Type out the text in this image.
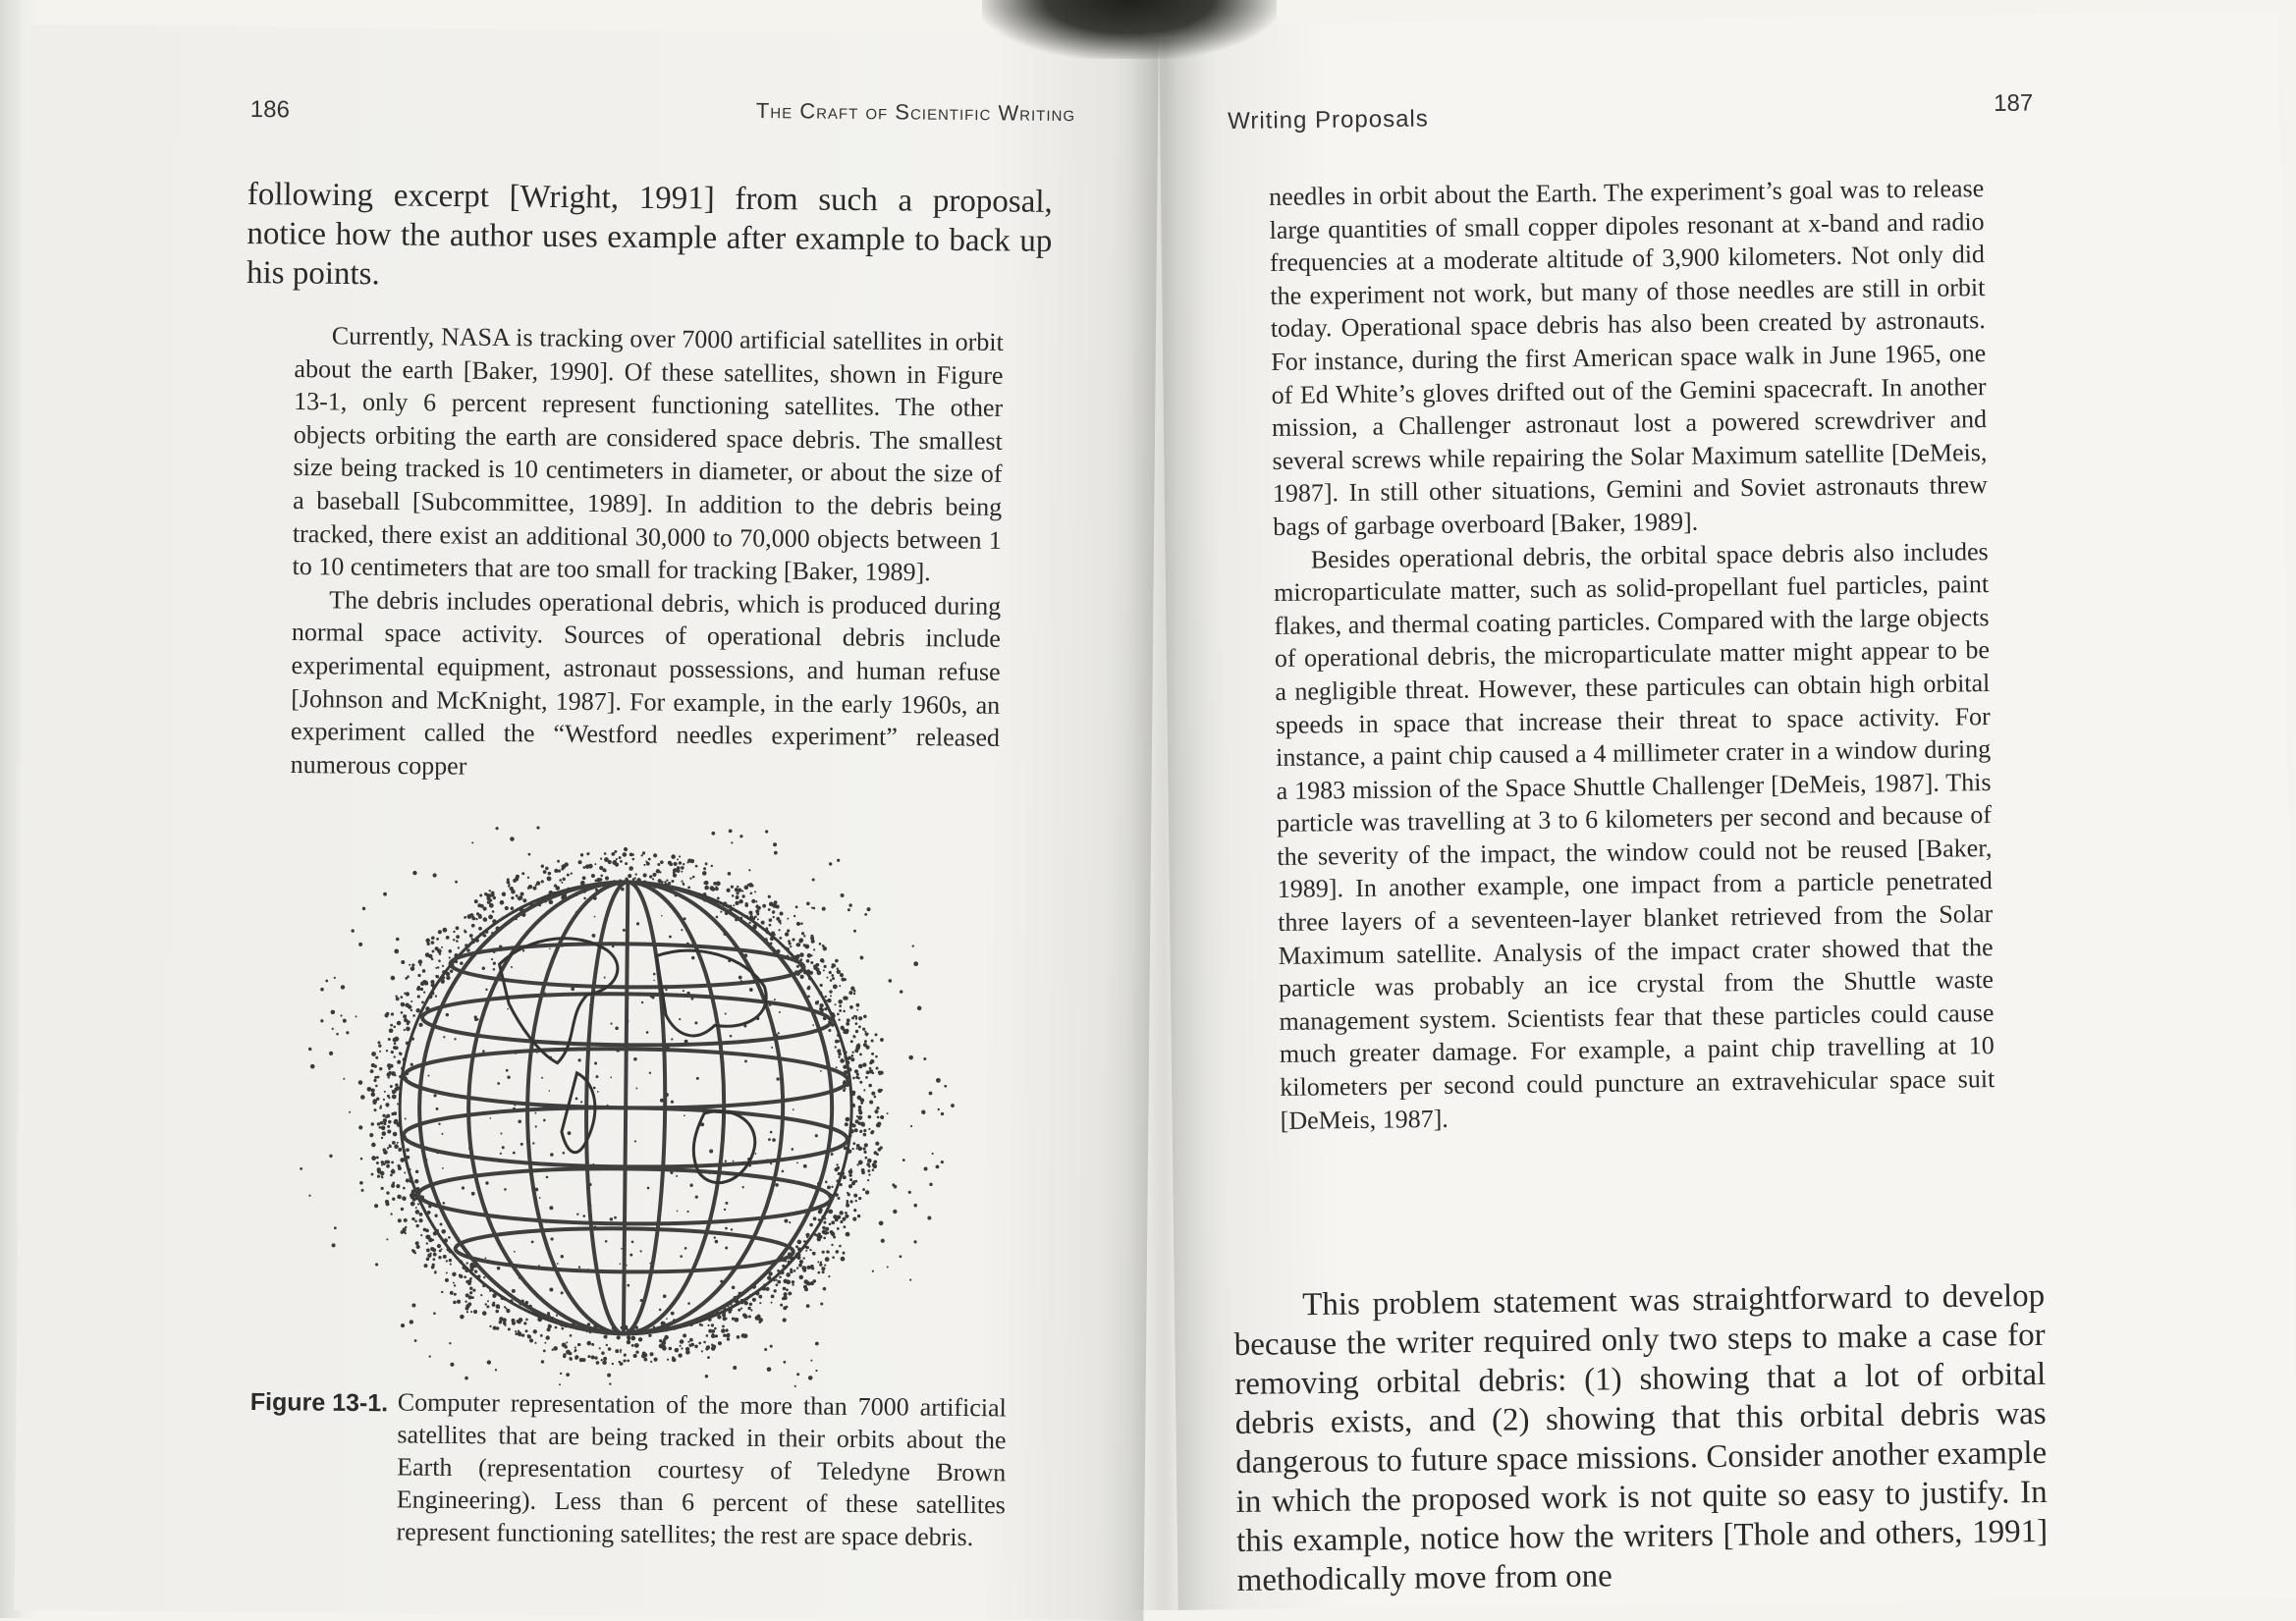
186	The Craft of Scientific Writing

following excerpt [Wright, 1991] from such a proposal, notice how the author uses example after example to back up his points.

Currently, NASA is tracking over 7000 artificial satellites in orbit about the earth [Baker, 1990]. Of these satellites, shown in Figure 13-1, only 6 percent represent functioning satellites. The other objects orbiting the earth are considered space debris. The smallest size being tracked is 10 centimeters in diameter, or about the size of a baseball [Subcommittee, 1989]. In addition to the debris being tracked, there exist an additional 30,000 to 70,000 objects between 1 to 10 centimeters that are too small for tracking [Baker, 1989].

The debris includes operational debris, which is produced during normal space activity. Sources of operational debris include experimental equipment, astronaut possessions, and human refuse [Johnson and McKnight, 1987]. For example, in the early 1960s, an experiment called the “Westford needles experiment” released numerous copper

Figure 13-1. Computer representation of the more than 7000 artificial satellites that are being tracked in their orbits about the Earth (representation courtesy of Teledyne Brown Engineering). Less than 6 percent of these satellites represent functioning satellites; the rest are space debris.
Writing Proposals
187

needles in orbit about the Earth. The experiment’s goal was to release large quantities of small copper dipoles resonant at x-band and radio frequencies at a moderate altitude of 3,900 kilometers. Not only did the experiment not work, but many of those needles are still in orbit today. Operational space debris has also been created by astronauts. For instance, during the first American space walk in June 1965, one of Ed White’s gloves drifted out of the Gemini spacecraft. In another mission, a Challenger astronaut lost a powered screwdriver and several screws while repairing the Solar Maximum satellite [DeMeis, 1987]. In still other situations, Gemini and Soviet astronauts threw bags of garbage overboard [Baker, 1989].

Besides operational debris, the orbital space debris also includes microparticulate matter, such as solid-propellant fuel particles, paint flakes, and thermal coating particles. Compared with the large objects of operational debris, the microparticulate matter might appear to be a negligible threat. However, these particules can obtain high orbital speeds in space that increase their threat to space activity. For instance, a paint chip caused a 4 millimeter crater in a window during a 1983 mission of the Space Shuttle Challenger [DeMeis, 1987]. This particle was travelling at 3 to 6 kilometers per second and because of the severity of the impact, the window could not be reused [Baker, 1989]. In another example, one impact from a particle penetrated three layers of a seventeen-layer blanket retrieved from the Solar Maximum satellite. Analysis of the impact crater showed that the particle was probably an ice crystal from the Shuttle waste management system. Scientists fear that these particles could cause much greater damage. For example, a paint chip travelling at 10 kilometers per second could puncture an extravehicular space suit [DeMeis, 1987].

This problem statement was straightforward to develop because the writer required only two steps to make a case for removing orbital debris: (1) showing that a lot of orbital debris exists, and (2) showing that this orbital debris was dangerous to future space missions. Consider another example in which the proposed work is not quite so easy to justify. In this example, notice how the writers [Thole and others, 1991] methodically move from one
